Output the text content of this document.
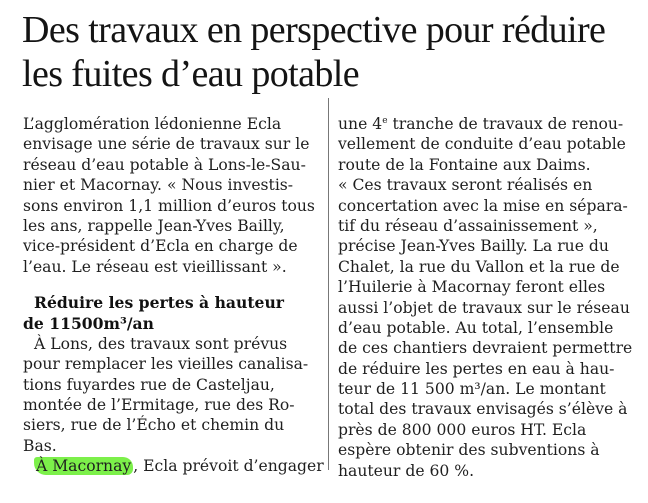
Des travaux en perspective pour réduire
les fuites d’eau potable
L’agglomération lédonienne Ecla
envisage une série de travaux sur le
réseau d’eau potable à Lons-le-Sau-
nier et Macornay. « Nous investis-
sons environ 1,1 million d’euros tous
les ans, rappelle Jean-Yves Bailly,
vice-président d’Ecla en charge de
l’eau. Le réseau est vieillissant ».
Réduire les pertes à hauteur
de 11500m³/an
À Lons, des travaux sont prévus
pour remplacer les vieilles canalisa-
tions fuyardes rue de Casteljau,
montée de l’Ermitage, rue des Ro-
siers, rue de l’Écho et chemin du
Bas.
À Macornay , Ecla prévoit d’engager
une 4e tranche de travaux de renou-
vellement de conduite d’eau potable
route de la Fontaine aux Daims.
« Ces travaux seront réalisés en
concertation avec la mise en sépara-
tif du réseau d’assainissement »,
précise Jean-Yves Bailly. La rue du
Chalet, la rue du Vallon et la rue de
l’Huilerie à Macornay feront elles
aussi l’objet de travaux sur le réseau
d’eau potable. Au total, l’ensemble
de ces chantiers devraient permettre
de réduire les pertes en eau à hau-
teur de 11 500 m³/an. Le montant
total des travaux envisagés s’élève à
près de 800 000 euros HT. Ecla
espère obtenir des subventions à
hauteur de 60 %.
